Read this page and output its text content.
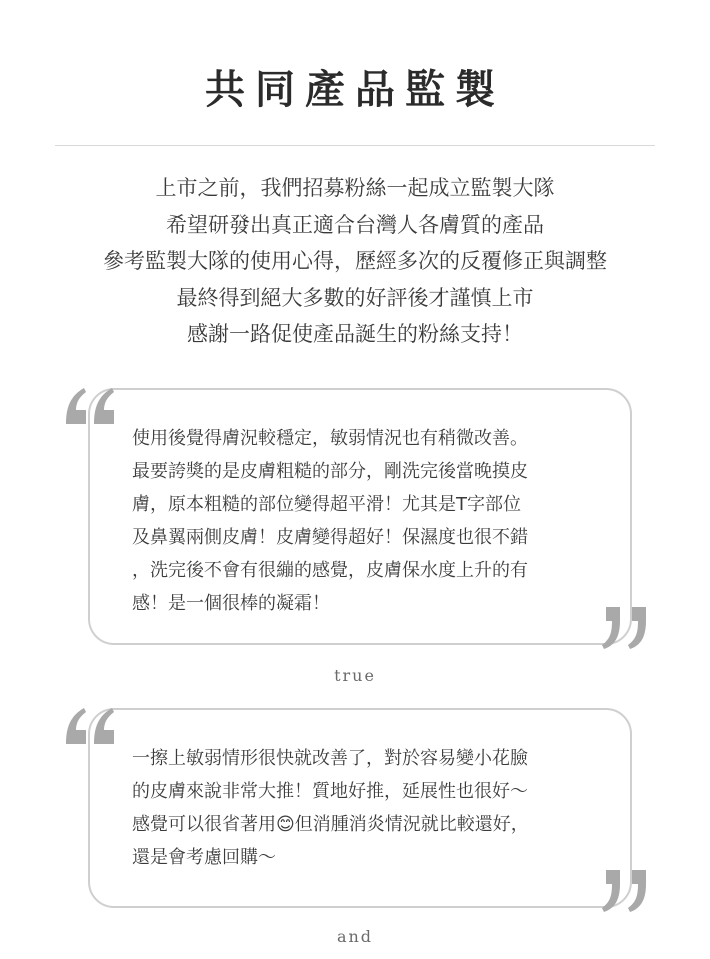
共同產品監製
上市之前，我們招募粉絲一起成立監製大隊
希望研發出真正適合台灣人各膚質的產品
參考監製大隊的使用心得，歷經多次的反覆修正與調整
最終得到絕大多數的好評後才謹慎上市
感謝一路促使產品誕生的粉絲支持！
使用後覺得膚況較穩定，敏弱情況也有稍微改善。
最要誇獎的是皮膚粗糙的部分，剛洗完後當晚摸皮
膚，原本粗糙的部位變得超平滑！尤其是T字部位
及鼻翼兩側皮膚！皮膚變得超好！保濕度也很不錯
，洗完後不會有很繃的感覺，皮膚保水度上升的有
感！是一個很棒的凝霜！
true
一擦上敏弱情形很快就改善了，對於容易變小花臉
的皮膚來說非常大推！質地好推，延展性也很好～
感覺可以很省著用😊但消腫消炎情況就比較還好，
還是會考慮回購～
and
